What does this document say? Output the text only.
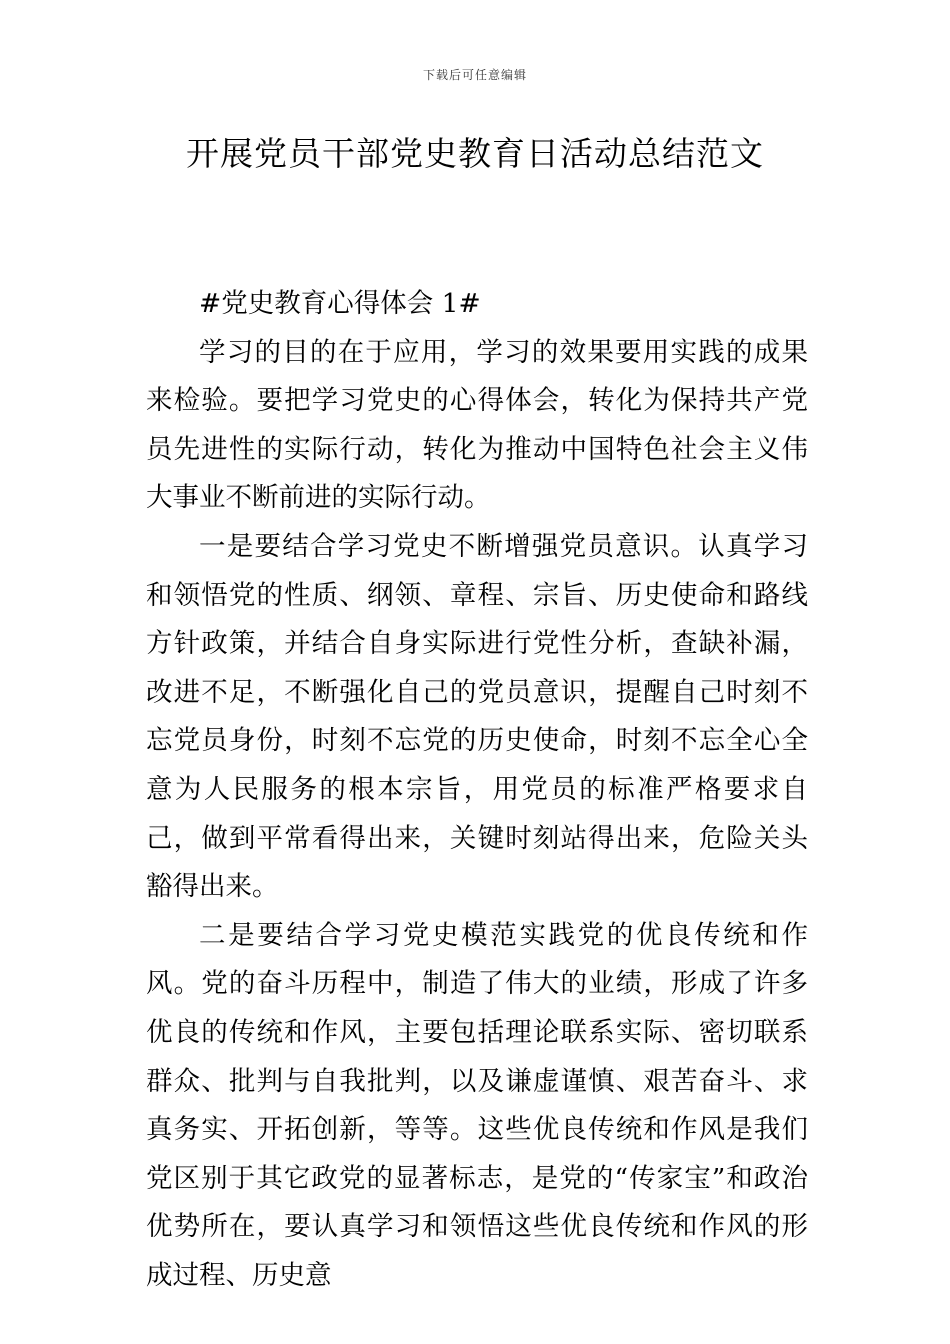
下载后可任意编辑
开展党员干部党史教育日活动总结范文

#党史教育心得体会 1#

学习的目的在于应用，学习的效果要用实践的成果来检验。要把学习党史的心得体会，转化为保持共产党员先进性的实际行动，转化为推动中国特色社会主义伟大事业不断前进的实际行动。

一是要结合学习党史不断增强党员意识。认真学习和领悟党的性质、纲领、章程、宗旨、历史使命和路线方针政策，并结合自身实际进行党性分析，查缺补漏，改进不足，不断强化自己的党员意识，提醒自己时刻不忘党员身份，时刻不忘党的历史使命，时刻不忘全心全意为人民服务的根本宗旨，用党员的标准严格要求自己，做到平常看得出来，关键时刻站得出来，危险关头豁得出来。

二是要结合学习党史模范实践党的优良传统和作风。党的奋斗历程中，制造了伟大的业绩，形成了许多优良的传统和作风，主要包括理论联系实际、密切联系群众、批判与自我批判，以及谦虚谨慎、艰苦奋斗、求真务实、开拓创新，等等。这些优良传统和作风是我们党区别于其它政党的显著标志，是党的“传家宝”和政治优势所在，要认真学习和领悟这些优良传统和作风的形成过程、历史意
